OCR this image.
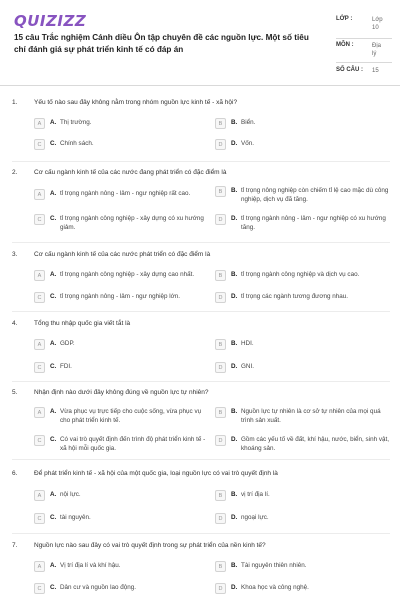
QUIZIZZ
15 câu Trắc nghiệm Cánh diều Ôn tập chuyên đề các nguồn lực. Một số tiêu chí đánh giá sự phát triển kinh tế có đáp án
LỚP :	Lớp 10
MÔN :	Địa lý
SỐ CÂU : 15
1.	Yếu tố nào sau đây không nằm trong nhóm nguồn lực kinh tế - xã hội?
A	A. Thị trường.	B	B. Biển.
C	C. Chính sách.	D	D. Vốn.
2.	Cơ cấu ngành kinh tế của các nước đang phát triển có đặc điểm là
A	A. tỉ trọng ngành nông - lâm - ngư nghiệp rất cao.	B	B. tỉ trọng nông nghiệp còn chiếm tỉ lệ cao mặc dù công nghiệp, dịch vụ đã tăng.
C	C. tỉ trọng ngành công nghiệp - xây dựng có xu hướng giảm.
D	D. tỉ trọng ngành nông - lâm - ngư nghiệp có xu hướng tăng.
3.	Cơ cấu ngành kinh tế của các nước phát triển có đặc điểm là
A	A. tỉ trọng ngành công nghiệp - xây dựng cao nhất.	B	B. tỉ trọng ngành công nghiệp và dịch vụ cao.
C	C. tỉ trọng ngành nông - lâm - ngư nghiệp lớn.	D	D. tỉ trọng các ngành tương đương nhau.
4.	Tổng thu nhập quốc gia viết tắt là
A	A. GDP.	B	B. HDI.
C	C. FDI.	D	D. GNI.
5.	Nhận định nào dưới đây không đúng về nguồn lực tự nhiên?
A	A. Vừa phục vụ trực tiếp cho cuộc sống, vừa phục vụ cho phát triển kinh tế.
B	B. Nguồn lực tự nhiên là cơ sở tự nhiên của mọi quá trình sản xuất.
C	C. Có vai trò quyết định đến trình độ phát triển kinh tế - xã hội mỗi quốc gia.
D	D. Gồm các yếu tố về đất, khí hậu, nước, biển, sinh vật, khoáng sản.
6.	Để phát triển kinh tế - xã hội của một quốc gia, loại nguồn lực có vai trò quyết định là
A	A. nội lực.	B	B. vị trí địa lí.
C	C. tài nguyên.	D	D. ngoại lực.
7.	Nguồn lực nào sau đây có vai trò quyết định trong sự phát triển của nền kinh tế?
A	A. Vị trí địa lí và khí hậu.	B	B. Tài nguyên thiên nhiên.
C	C. Dân cư và nguồn lao động.	D	D. Khoa học và công nghệ.
